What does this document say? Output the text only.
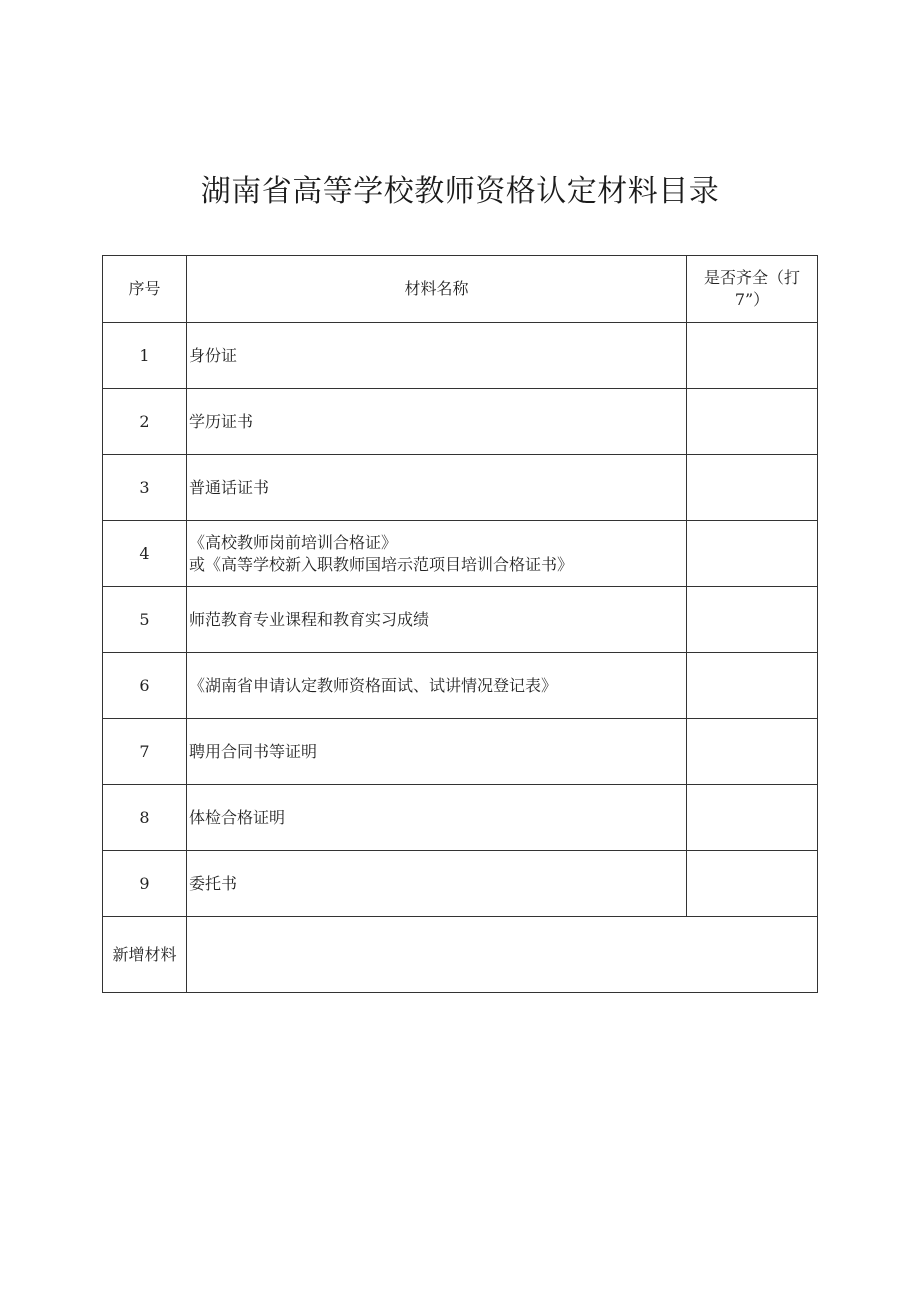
湖南省高等学校教师资格认定材料目录
序号	材料名称	是否齐全（打7”）
1	身份证	

2	学历证书	

3	普通话证书	

4	《高校教师岗前培训合格证》
或《高等学校新入职教师国培示范项目培训合格证书》	

5	师范教育专业课程和教育实习成绩	

6	《湖南省申请认定教师资格面试、试讲情况登记表》	

7	聘用合同书等证明	

8	体检合格证明	

9	委托书	

新增材料		
